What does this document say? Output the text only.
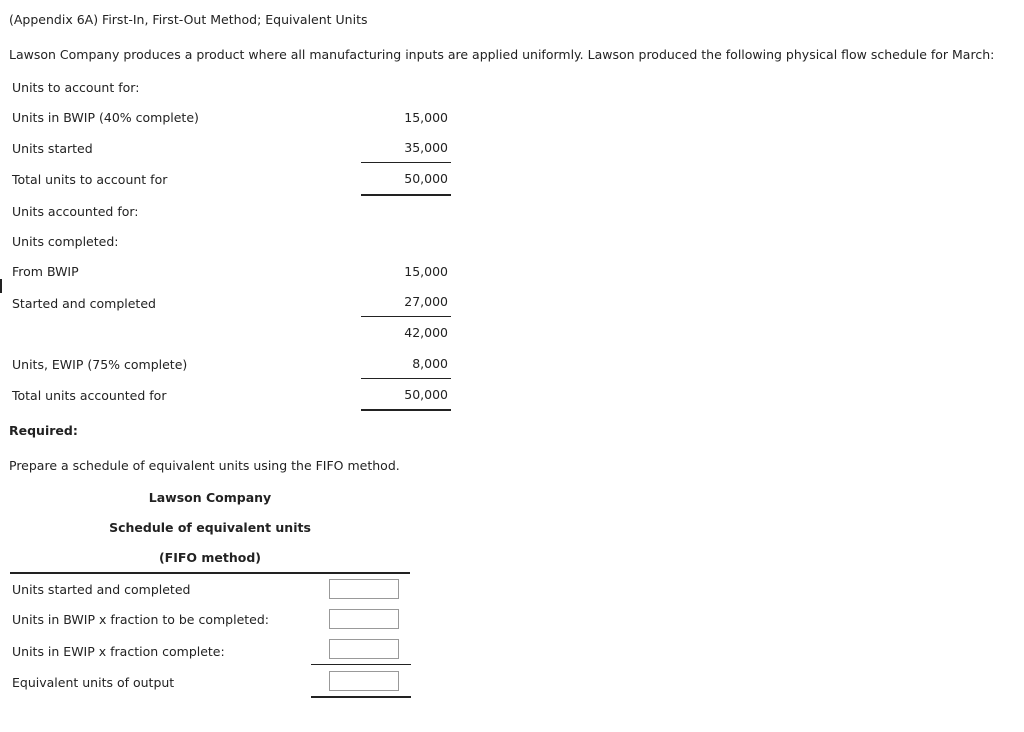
(Appendix 6A) First-In, First-Out Method; Equivalent Units
Lawson Company produces a product where all manufacturing inputs are applied uniformly. Lawson produced the following physical flow schedule for March:
Units to account for:
Units in BWIP (40% complete)	15,000
Units started	35,000
Total units to account for	50,000
Units accounted for:
Units completed:
From BWIP	15,000
Started and completed	27,000
42,000
Units, EWIP (75% complete)	8,000
Total units accounted for	50,000
Required:
Prepare a schedule of equivalent units using the FIFO method.
Lawson Company
Schedule of equivalent units
(FIFO method)
Units started and completed
Units in BWIP x fraction to be completed:
Units in EWIP x fraction complete:
Equivalent units of output
